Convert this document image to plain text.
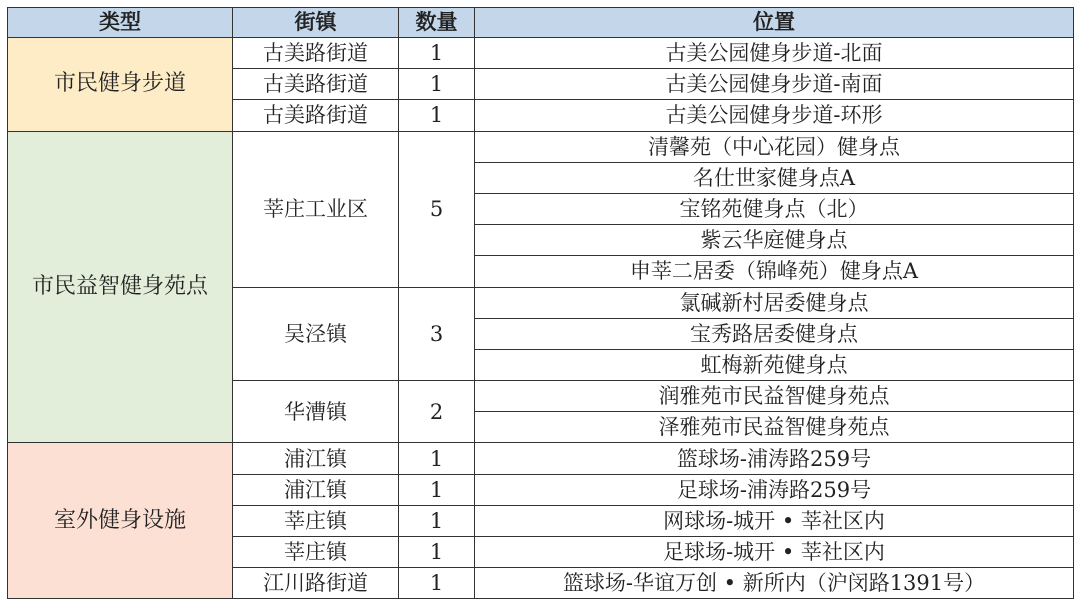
类型	街镇	数量	位置
市民健身步道	古美路街道	1	古美公园健身步道-北面
	古美路街道	1	古美公园健身步道-南面
	古美路街道	1	古美公园健身步道-环形
市民益智健身苑点	莘庄工业区	5	清馨苑（中心花园）健身点
			名仕世家健身点A
			宝铭苑健身点（北）
			紫云华庭健身点
			申莘二居委（锦峰苑）健身点A
	吴泾镇	3	氯碱新村居委健身点
			宝秀路居委健身点
			虹梅新苑健身点
	华漕镇	2	润雅苑市民益智健身苑点
			泽雅苑市民益智健身苑点
室外健身设施	浦江镇	1	篮球场-浦涛路259号
	浦江镇	1	足球场-浦涛路259号
	莘庄镇	1	网球场-城开 • 莘社区内
	莘庄镇	1	足球场-城开 • 莘社区内
	江川路街道	1	篮球场-华谊万创 • 新所内（沪闵路1391号）
